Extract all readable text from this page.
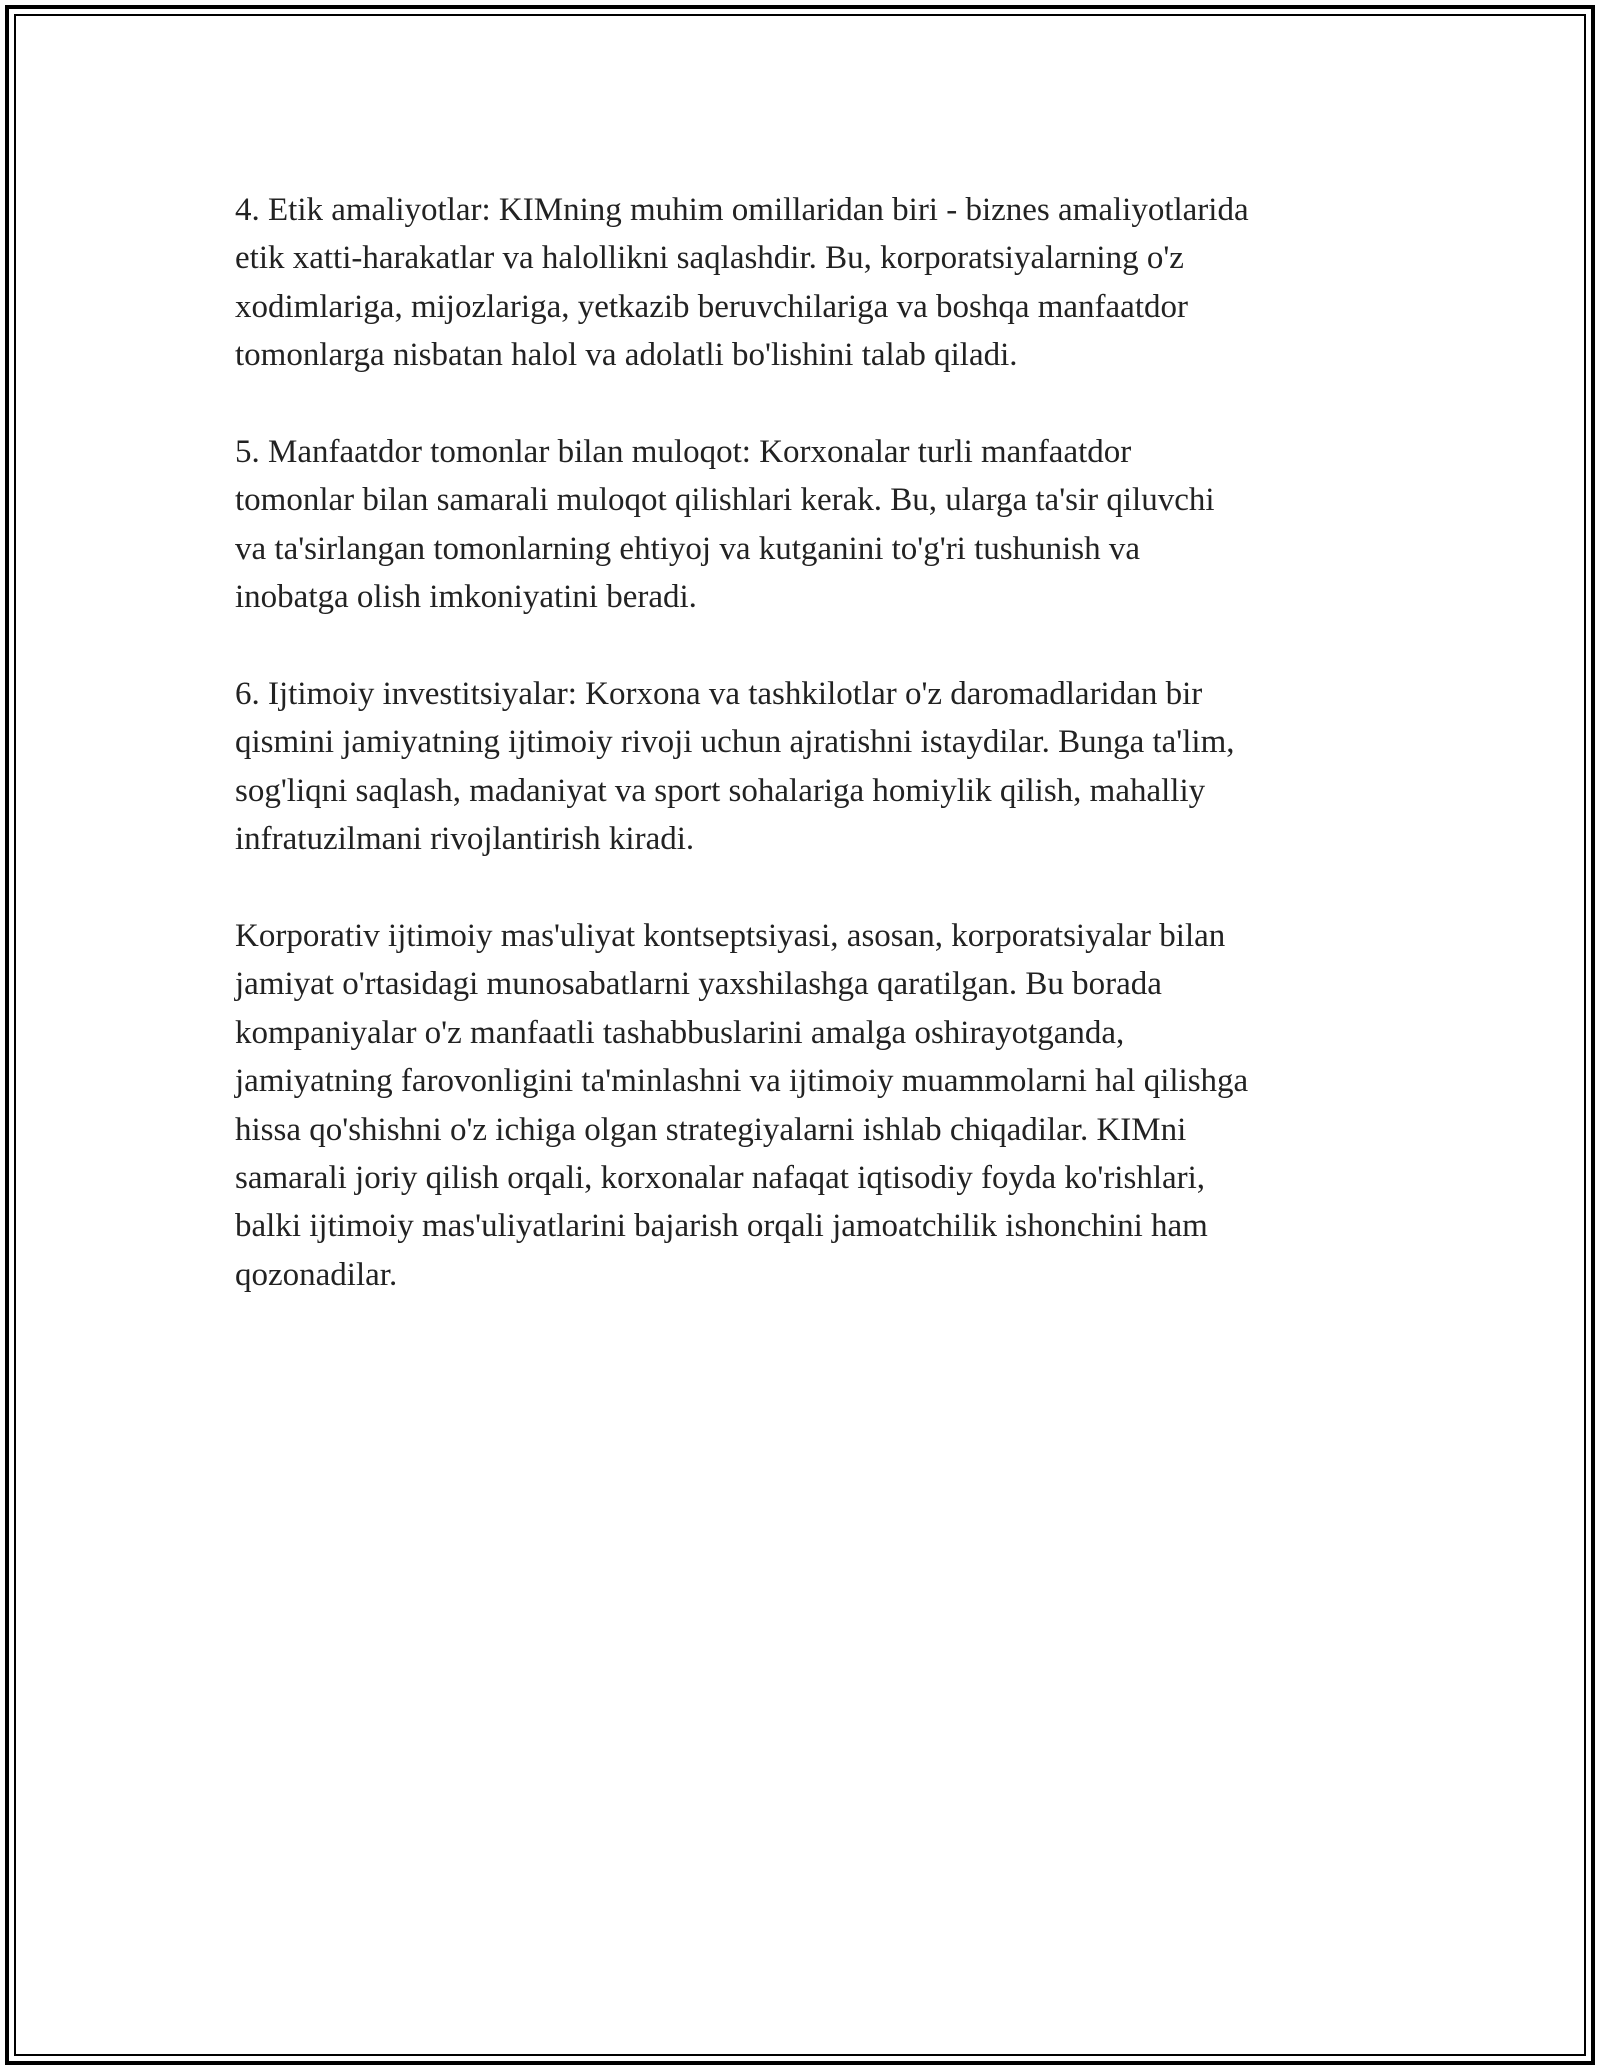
4. Etik amaliyotlar: KIMning muhim omillaridan biri - biznes amaliyotlarida
etik xatti-harakatlar va halollikni saqlashdir. Bu, korporatsiyalarning o'z
xodimlariga, mijozlariga, yetkazib beruvchilariga va boshqa manfaatdor
tomonlarga nisbatan halol va adolatli bo'lishini talab qiladi.

5. Manfaatdor tomonlar bilan muloqot: Korxonalar turli manfaatdor
tomonlar bilan samarali muloqot qilishlari kerak. Bu, ularga ta'sir qiluvchi
va ta'sirlangan tomonlarning ehtiyoj va kutganini to'g'ri tushunish va
inobatga olish imkoniyatini beradi.

6. Ijtimoiy investitsiyalar: Korxona va tashkilotlar o'z daromadlaridan bir
qismini jamiyatning ijtimoiy rivoji uchun ajratishni istaydilar. Bunga ta'lim,
sog'liqni saqlash, madaniyat va sport sohalariga homiylik qilish, mahalliy
infratuzilmani rivojlantirish kiradi.

Korporativ ijtimoiy mas'uliyat kontseptsiyasi, asosan, korporatsiyalar bilan
jamiyat o'rtasidagi munosabatlarni yaxshilashga qaratilgan. Bu borada
kompaniyalar o'z manfaatli tashabbuslarini amalga oshirayotganda,
jamiyatning farovonligini ta'minlashni va ijtimoiy muammolarni hal qilishga
hissa qo'shishni o'z ichiga olgan strategiyalarni ishlab chiqadilar. KIMni
samarali joriy qilish orqali, korxonalar nafaqat iqtisodiy foyda ko'rishlari,
balki ijtimoiy mas'uliyatlarini bajarish orqali jamoatchilik ishonchini ham
qozonadilar.
